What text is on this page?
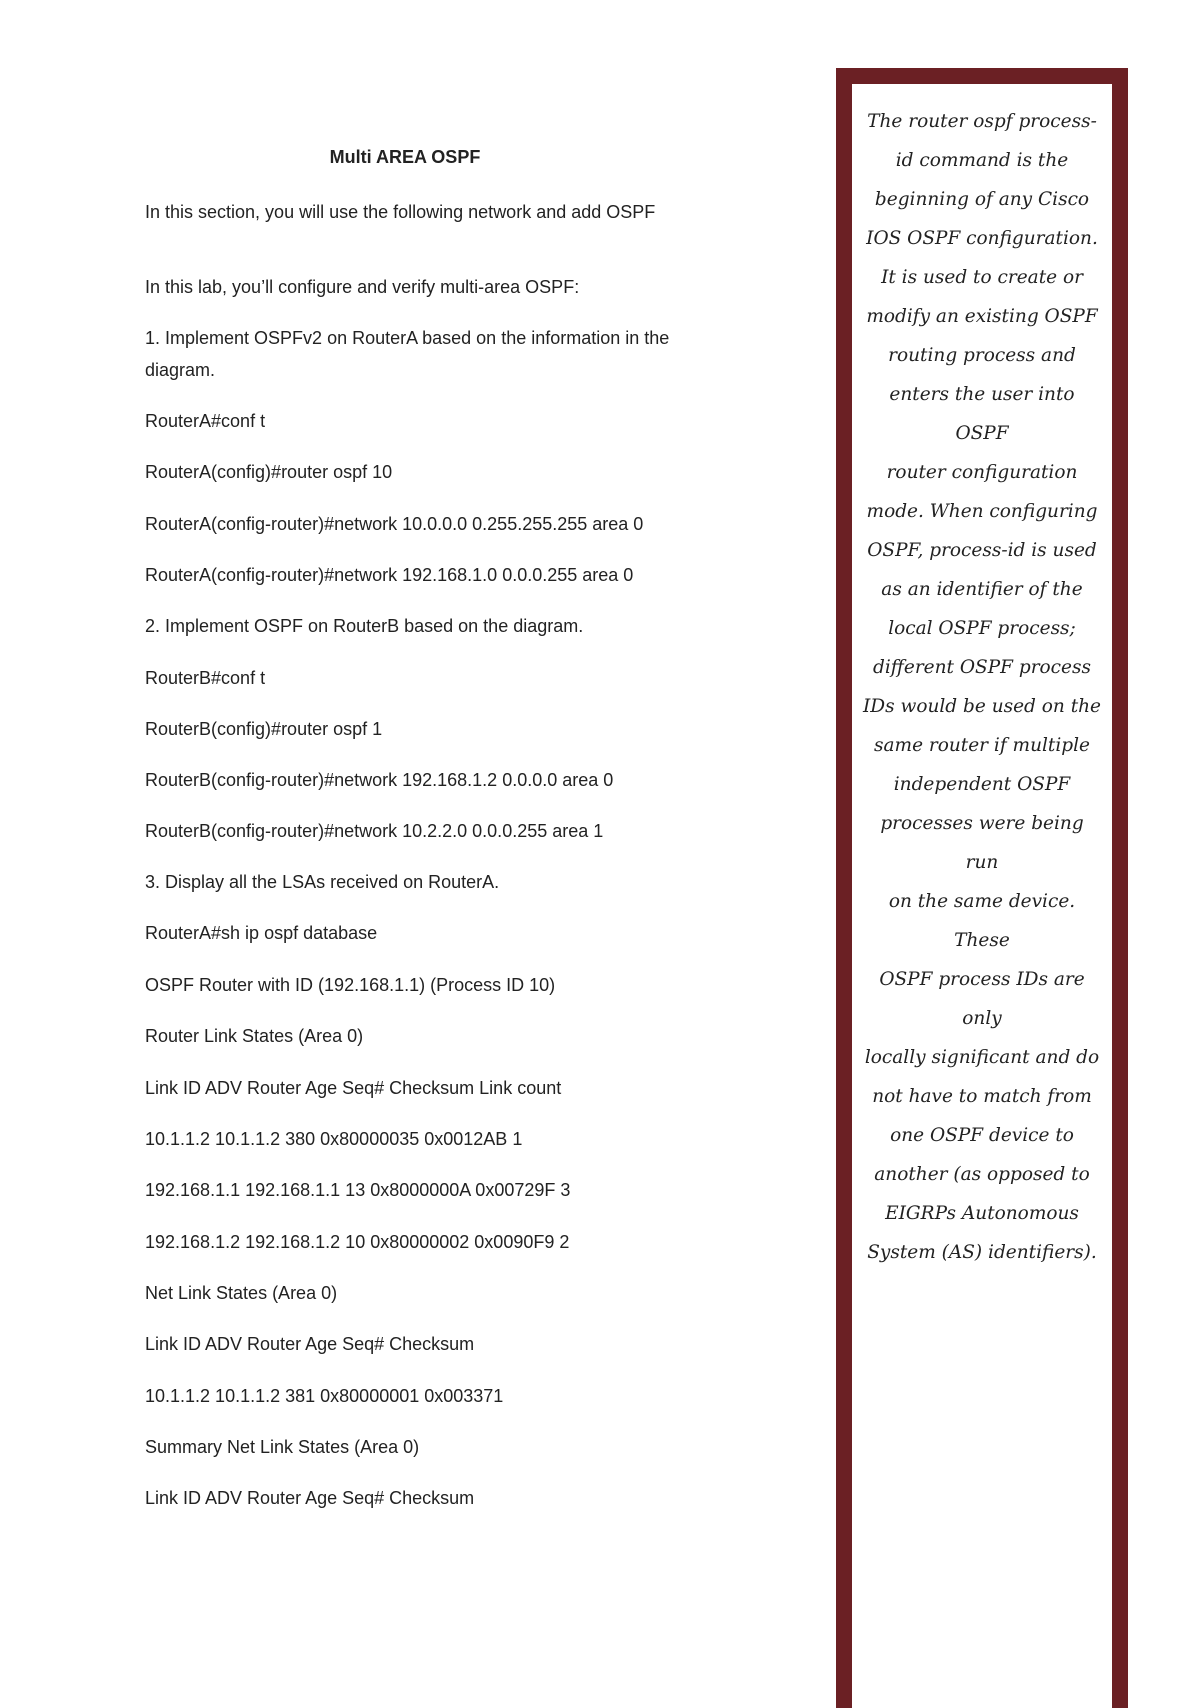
Multi AREA OSPF
In this section, you will use the following network and add OSPF
In this lab, you’ll configure and verify multi-area OSPF:
1. Implement OSPFv2 on RouterA based on the information in the
diagram.
RouterA#conf t
RouterA(config)#router ospf 10
RouterA(config-router)#network 10.0.0.0 0.255.255.255 area 0
RouterA(config-router)#network 192.168.1.0 0.0.0.255 area 0
2. Implement OSPF on RouterB based on the diagram.
RouterB#conf t
RouterB(config)#router ospf 1
RouterB(config-router)#network 192.168.1.2 0.0.0.0 area 0
RouterB(config-router)#network 10.2.2.0 0.0.0.255 area 1
3. Display all the LSAs received on RouterA.
RouterA#sh ip ospf database
OSPF Router with ID (192.168.1.1) (Process ID 10)
Router Link States (Area 0)
Link ID ADV Router Age Seq# Checksum Link count
10.1.1.2 10.1.1.2 380 0x80000035 0x0012AB 1
192.168.1.1 192.168.1.1 13 0x8000000A 0x00729F 3
192.168.1.2 192.168.1.2 10 0x80000002 0x0090F9 2
Net Link States (Area 0)
Link ID ADV Router Age Seq# Checksum
10.1.1.2 10.1.1.2 381 0x80000001 0x003371
Summary Net Link States (Area 0)
Link ID ADV Router Age Seq# Checksum
The router ospf process-
id command is the
beginning of any Cisco
IOS OSPF configuration.
It is used to create or
modify an existing OSPF
routing process and
enters the user into OSPF
router configuration
mode. When configuring
OSPF, process-id is used
as an identifier of the
local OSPF process;
different OSPF process
IDs would be used on the
same router if multiple
independent OSPF
processes were being run
on the same device. These
OSPF process IDs are only
locally significant and do
not have to match from
one OSPF device to
another (as opposed to
EIGRPs Autonomous
System (AS) identifiers).
